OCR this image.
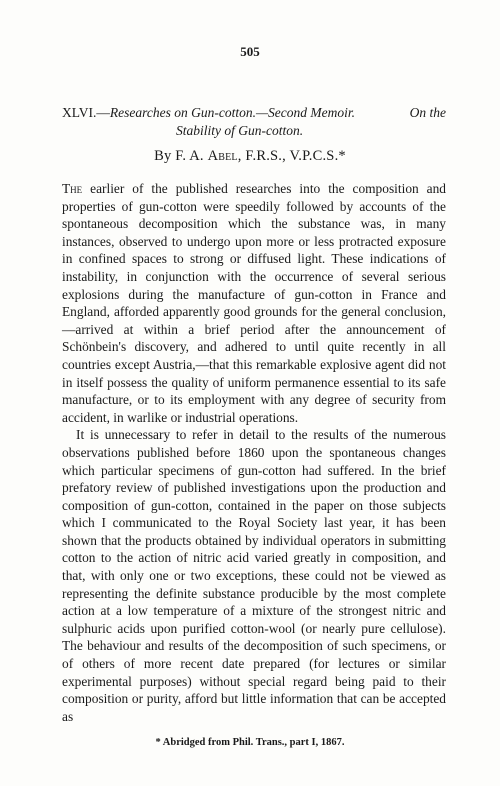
505
XLVI.—Researches on Gun-cotton.—Second Memoir.	On the
Stability of Gun-cotton.
By F. A. Abel, F.R.S., V.P.C.S.*

The earlier of the published researches into the composition and properties of gun-cotton were speedily followed by accounts of the spontaneous decomposition which the substance was, in many instances, observed to undergo upon more or less protracted exposure in confined spaces to strong or diffused light. These indications of instability, in conjunction with the occurrence of several serious explosions during the manufacture of gun-cotton in France and England, afforded apparently good grounds for the general conclusion,—arrived at within a brief period after the announcement of Schönbein's discovery, and adhered to until quite recently in all countries except Austria,—that this remarkable explosive agent did not in itself possess the quality of uniform permanence essential to its safe manufacture, or to its employment with any degree of security from accident, in warlike or industrial operations.

It is unnecessary to refer in detail to the results of the numerous observations published before 1860 upon the spontaneous changes which particular specimens of gun-cotton had suffered. In the brief prefatory review of published investigations upon the production and composition of gun-cotton, contained in the paper on those subjects which I communicated to the Royal Society last year, it has been shown that the products obtained by individual operators in submitting cotton to the action of nitric acid varied greatly in composition, and that, with only one or two exceptions, these could not be viewed as representing the definite substance producible by the most complete action at a low temperature of a mixture of the strongest nitric and sulphuric acids upon purified cotton-wool (or nearly pure cellulose). The behaviour and results of the decomposition of such specimens, or of others of more recent date prepared (for lectures or similar experimental purposes) without special regard being paid to their composition or purity, afford but little information that can be accepted as

* Abridged from Phil. Trans., part I, 1867.
